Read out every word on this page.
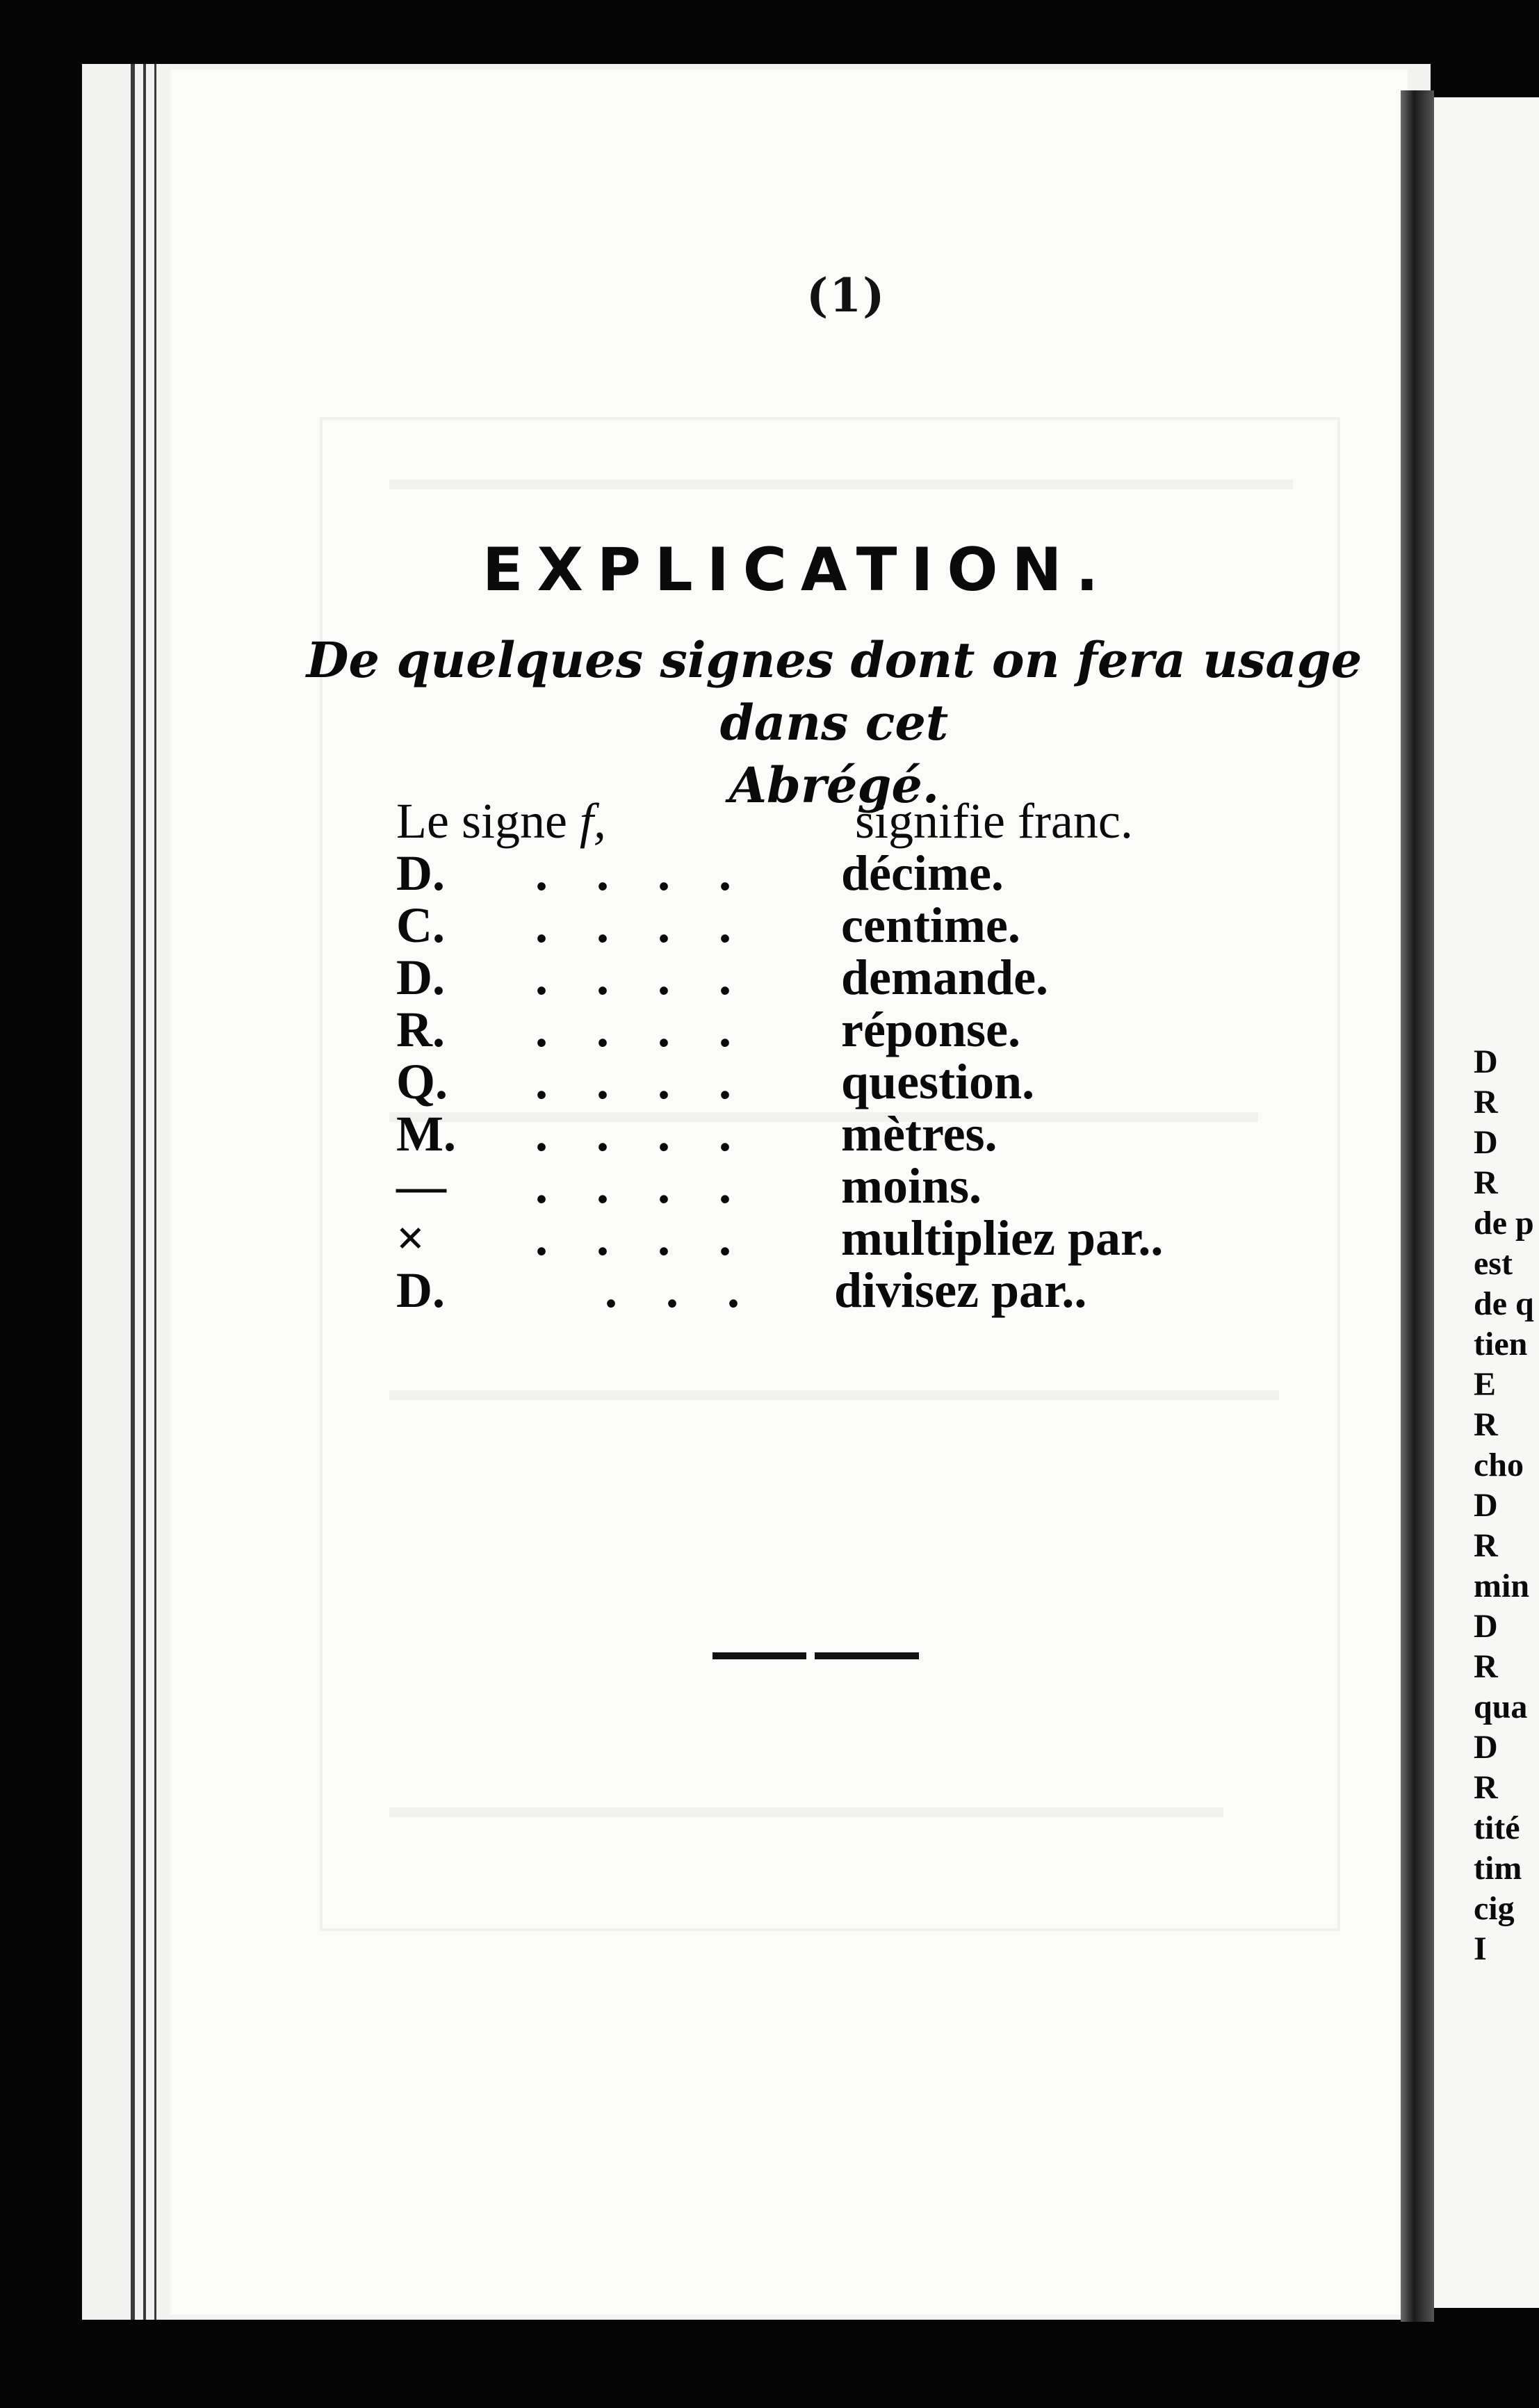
(1)
EXPLICATION.
De quelques signes dont on fera usage dans cet
Abrégé.
Le signe f,	signifie franc.
D. .... décime.
C. .... centime.
D. .... demande.
R. .... réponse.
Q. .... question.
M. .... mètres.
— .... moins.
× .... multipliez par..
D.	... divisez par..
D
R
D
R
de p
est
de q
tien
E
R
cho
D
R
min
D
R
qua
D
R
tité
tim
cig
I
